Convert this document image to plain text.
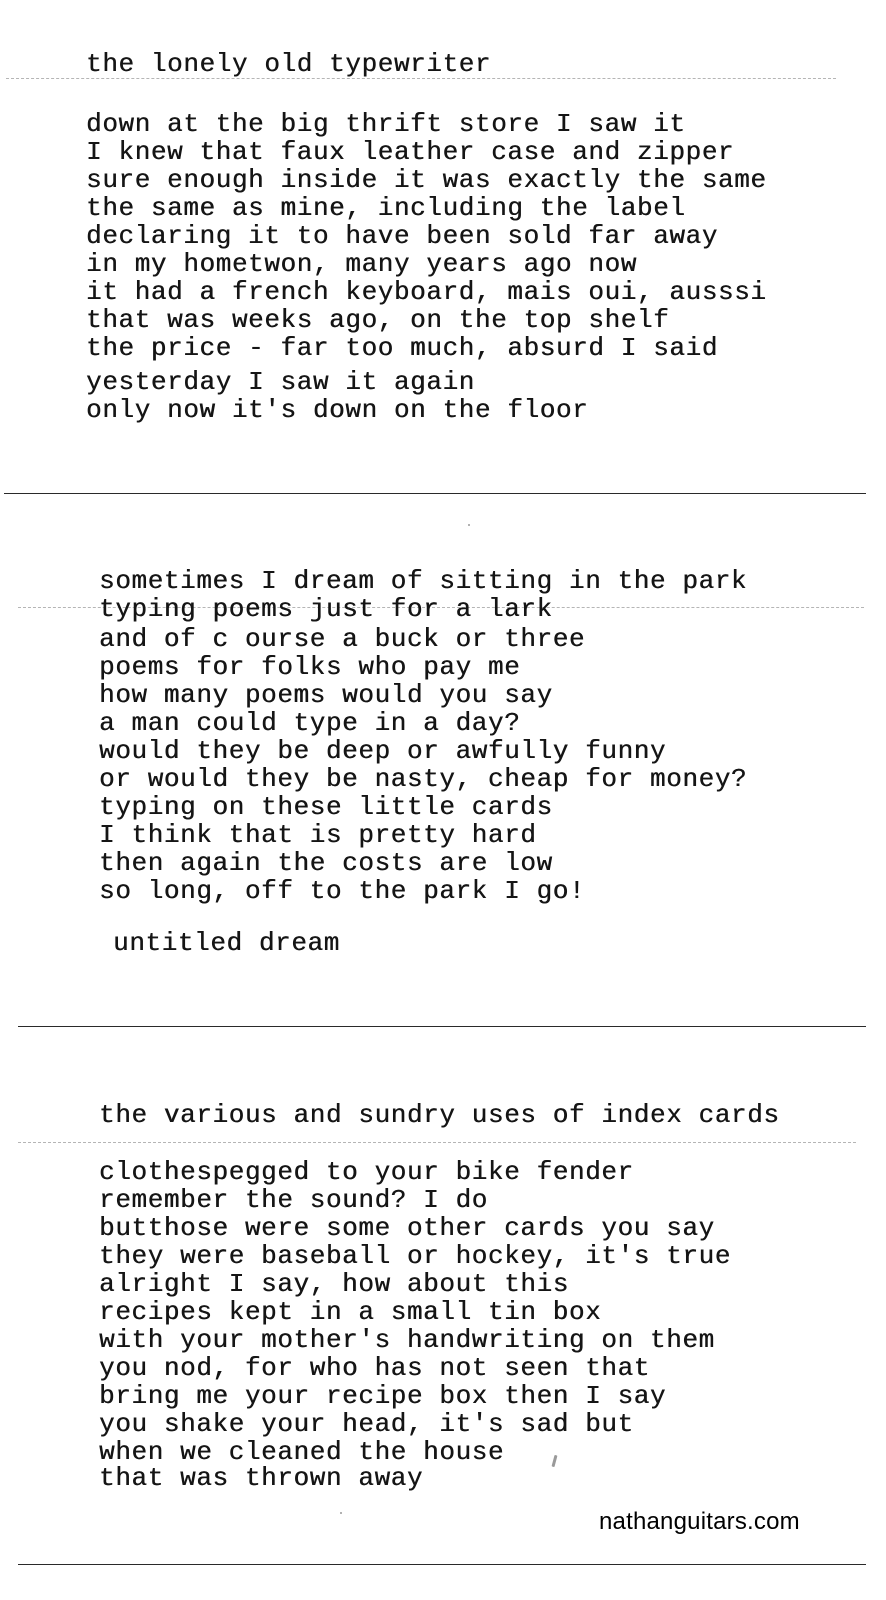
the lonely old typewriter
down at the big thrift store I saw it
I knew that faux leather case and zipper
sure enough inside it was exactly the same
the same as mine, including the label
declaring it to have been sold far away
in my hometwon, many years ago now
it had a french keyboard, mais oui, ausssi
that was weeks ago, on the top shelf
the price - far too much, absurd I said
yesterday I saw it again
only now it's down on the floor
sometimes I dream of sitting in the park
typing poems just for a lark
and of c ourse a buck or three
poems for folks who pay me
how many poems would you say
a man could type in a day?
would they be deep or awfully funny
or would they be nasty, cheap for money?
typing on these little cards
I think that is pretty hard
then again the costs are low
so long, off to the park I go!
untitled dream
the various and sundry uses of index cards
clothespegged to your bike fender
remember the sound? I do
butthose were some other cards you say
they were baseball or hockey, it's true
alright I say, how about this
recipes kept in a small tin box
with your mother's handwriting on them
you nod, for who has not seen that
bring me your recipe box then I say
you shake your head, it's sad but
when we cleaned the house
that was thrown away
nathanguitars.com
